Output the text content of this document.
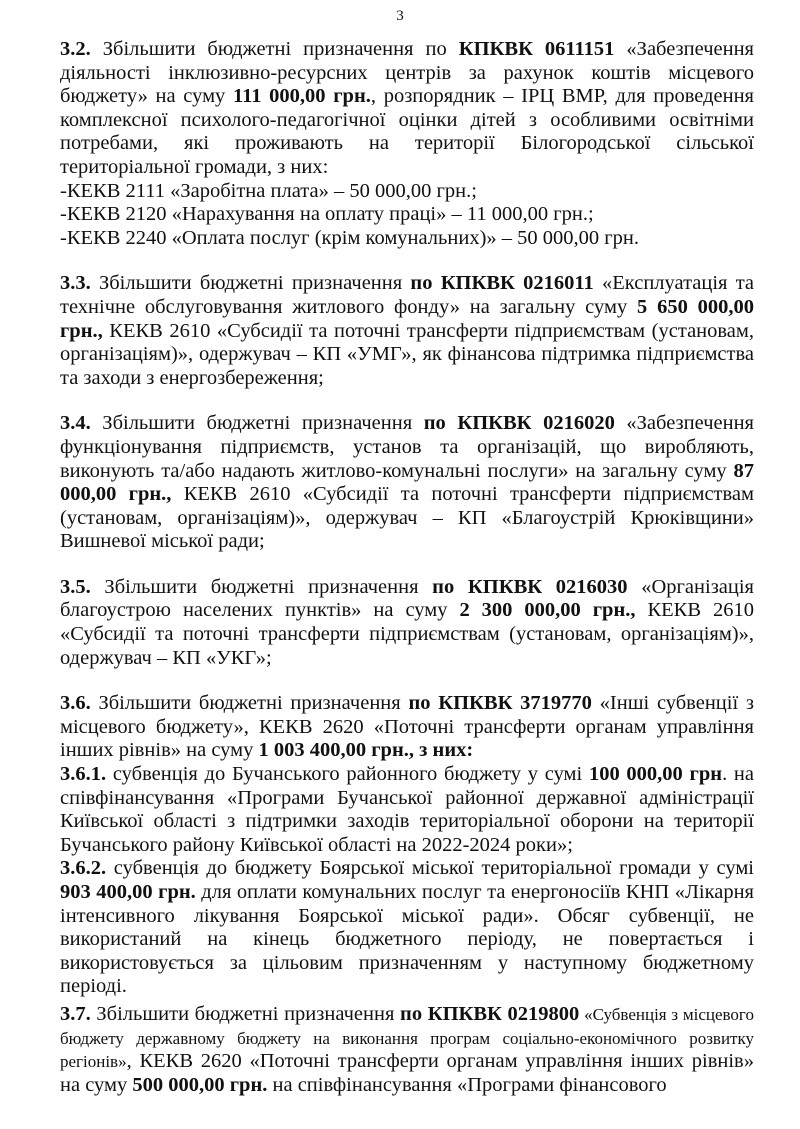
3

3.2. Збільшити бюджетні призначення по КПКВК 0611151 «Забезпечення діяльності інклюзивно-ресурсних центрів за рахунок коштів місцевого бюджету» на суму 111 000,00 грн., розпорядник – ІРЦ ВМР, для проведення комплексної психолого-педагогічної оцінки дітей з особливими освітніми потребами, які проживають на території Білогородської сільської територіальної громади, з них:

-КЕКВ 2111 «Заробітна плата» – 50 000,00 грн.;

-КЕКВ 2120 «Нарахування на оплату праці» – 11 000,00 грн.;

-КЕКВ 2240 «Оплата послуг (крім комунальних)» – 50 000,00 грн.

3.3. Збільшити бюджетні призначення по КПКВК 0216011 «Експлуатація та технічне обслуговування житлового фонду» на загальну суму 5 650 000,00 грн., КЕКВ 2610 «Субсидії та поточні трансферти підприємствам (установам, організаціям)», одержувач – КП «УМГ», як фінансова підтримка підприємства та заходи з енергозбереження;

3.4. Збільшити бюджетні призначення по КПКВК 0216020 «Забезпечення функціонування підприємств, установ та організацій, що виробляють, виконують та/або надають житлово-комунальні послуги» на загальну суму 87 000,00 грн., КЕКВ 2610 «Субсидії та поточні трансферти підприємствам (установам, організаціям)», одержувач – КП «Благоустрій Крюківщини» Вишневої міської ради;

3.5. Збільшити бюджетні призначення по КПКВК 0216030 «Організація благоустрою населених пунктів» на суму 2 300 000,00 грн., КЕКВ 2610 «Субсидії та поточні трансферти підприємствам (установам, організаціям)», одержувач – КП «УКГ»;

3.6. Збільшити бюджетні призначення по КПКВК 3719770 «Інші субвенції з місцевого бюджету», КЕКВ 2620 «Поточні трансферти органам управління інших рівнів» на суму 1 003 400,00 грн., з них:

3.6.1. субвенція до Бучанського районного бюджету у сумі 100 000,00 грн. на співфінансування «Програми Бучанської районної державної адміністрації Київської області з підтримки заходів територіальної оборони на території Бучанського району Київської області на 2022-2024 роки»;

3.6.2. субвенція до бюджету Боярської міської територіальної громади у сумі 903 400,00 грн. для оплати комунальних послуг та енергоносіїв КНП «Лікарня інтенсивного лікування Боярської міської ради». Обсяг субвенції, не використаний на кінець бюджетного періоду, не повертається і використовується за цільовим призначенням у наступному бюджетному періоді.

3.7. Збільшити бюджетні призначення по КПКВК 0219800 «Субвенція з місцевого бюджету державному бюджету на виконання програм соціально-економічного розвитку регіонів», КЕКВ 2620 «Поточні трансферти органам управління інших рівнів» на суму 500 000,00 грн. на співфінансування «Програми фінансового
